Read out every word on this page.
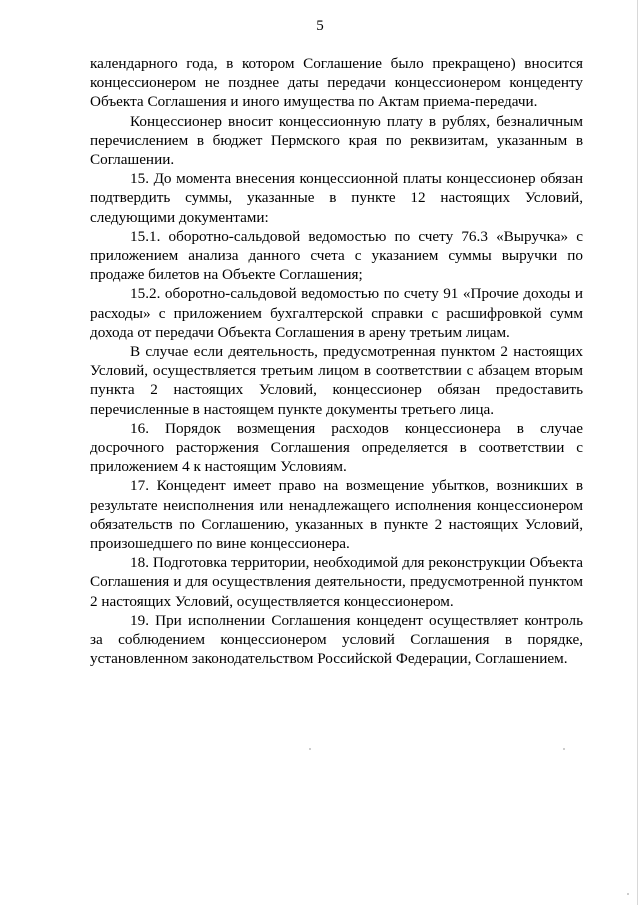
5

календарного года, в котором Соглашение было прекращено) вносится концессионером не позднее даты передачи концессионером концеденту Объекта Соглашения и иного имущества по Актам приема-передачи.

Концессионер вносит концессионную плату в рублях, безналичным перечислением в бюджет Пермского края по реквизитам, указанным в Соглашении.

15. До момента внесения концессионной платы концессионер обязан подтвердить суммы, указанные в пункте 12 настоящих Условий, следующими документами:

15.1. оборотно-сальдовой ведомостью по счету 76.3 «Выручка» с приложением анализа данного счета с указанием суммы выручки по продаже билетов на Объекте Соглашения;

15.2. оборотно-сальдовой ведомостью по счету 91 «Прочие доходы и расходы» с приложением бухгалтерской справки с расшифровкой сумм дохода от передачи Объекта Соглашения в арену третьим лицам.

В случае если деятельность, предусмотренная пунктом 2 настоящих Условий, осуществляется третьим лицом в соответствии с абзацем вторым пункта 2 настоящих Условий, концессионер обязан предоставить перечисленные в настоящем пункте документы третьего лица.

16. Порядок возмещения расходов концессионера в случае досрочного расторжения Соглашения определяется в соответствии с приложением 4 к настоящим Условиям.

17. Концедент имеет право на возмещение убытков, возникших в результате неисполнения или ненадлежащего исполнения концессионером обязательств по Соглашению, указанных в пункте 2 настоящих Условий, произошедшего по вине концессионера.

18. Подготовка территории, необходимой для реконструкции Объекта Соглашения и для осуществления деятельности, предусмотренной пунктом 2 настоящих Условий, осуществляется концессионером.

19. При исполнении Соглашения концедент осуществляет контроль за соблюдением концессионером условий Соглашения в порядке, установленном законодательством Российской Федерации, Соглашением.
